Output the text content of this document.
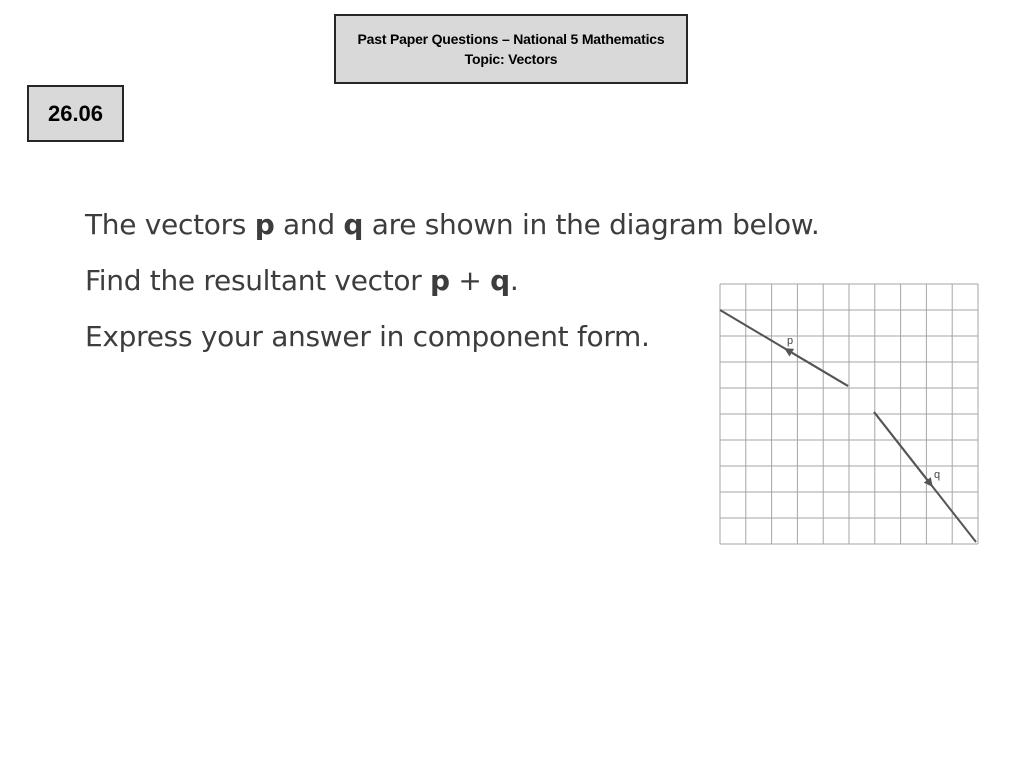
Past Paper Questions – National 5 Mathematics
Topic: Vectors
26.06
The vectors p and q are shown in the diagram below.
Find the resultant vector p + q.
Express your answer in component form.	p
q
